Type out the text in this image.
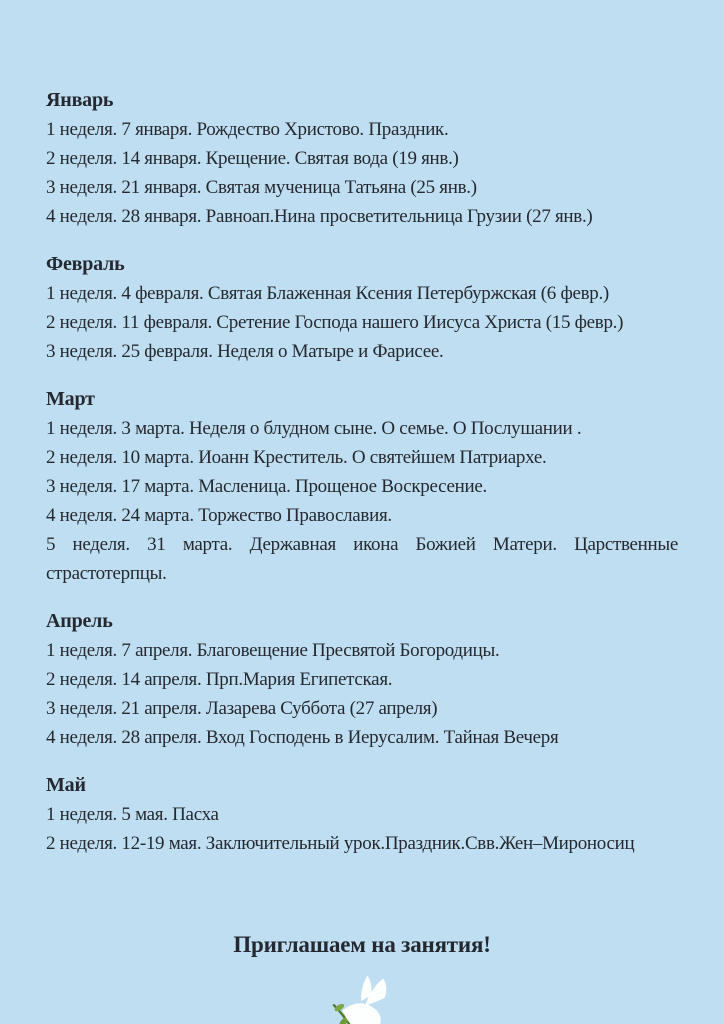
Январь

1 неделя. 7 января. Рождество Христово. Праздник.

2 неделя. 14 января. Крещение. Святая вода (19 янв.)

3 неделя. 21 января. Святая мученица Татьяна (25 янв.)

4 неделя. 28 января. Равноап.Нина просветительница Грузии (27 янв.)

Февраль

1 неделя. 4 февраля. Святая Блаженная Ксения Петербуржская (6 февр.)

2 неделя. 11 февраля. Сретение Господа нашего Иисуса Христа (15 февр.)

3 неделя. 25 февраля. Неделя о Матыре и Фарисее.

Март

1 неделя. 3 марта. Неделя о блудном сыне. О семье. О Послушании .

2 неделя. 10 марта. Иоанн Креститель. О святейшем Патриархе.

3 неделя. 17 марта. Масленица. Прощеное Воскресение.

4 неделя. 24 марта. Торжество Православия.

5 неделя. 31 марта. Державная икона Божией Матери. Царственные страстотерпцы.

Апрель

1 неделя. 7 апреля. Благовещение Пресвятой Богородицы.

2 неделя. 14 апреля. Прп.Мария Египетская.

3 неделя. 21 апреля. Лазарева Суббота (27 апреля)

4 неделя. 28 апреля. Вход Господень в Иерусалим. Тайная Вечеря

Май

1 неделя. 5 мая. Пасха

2 неделя. 12-19 мая. Заключительный урок.Праздник.Свв.Жен–Мироносиц

Приглашаем на занятия!
